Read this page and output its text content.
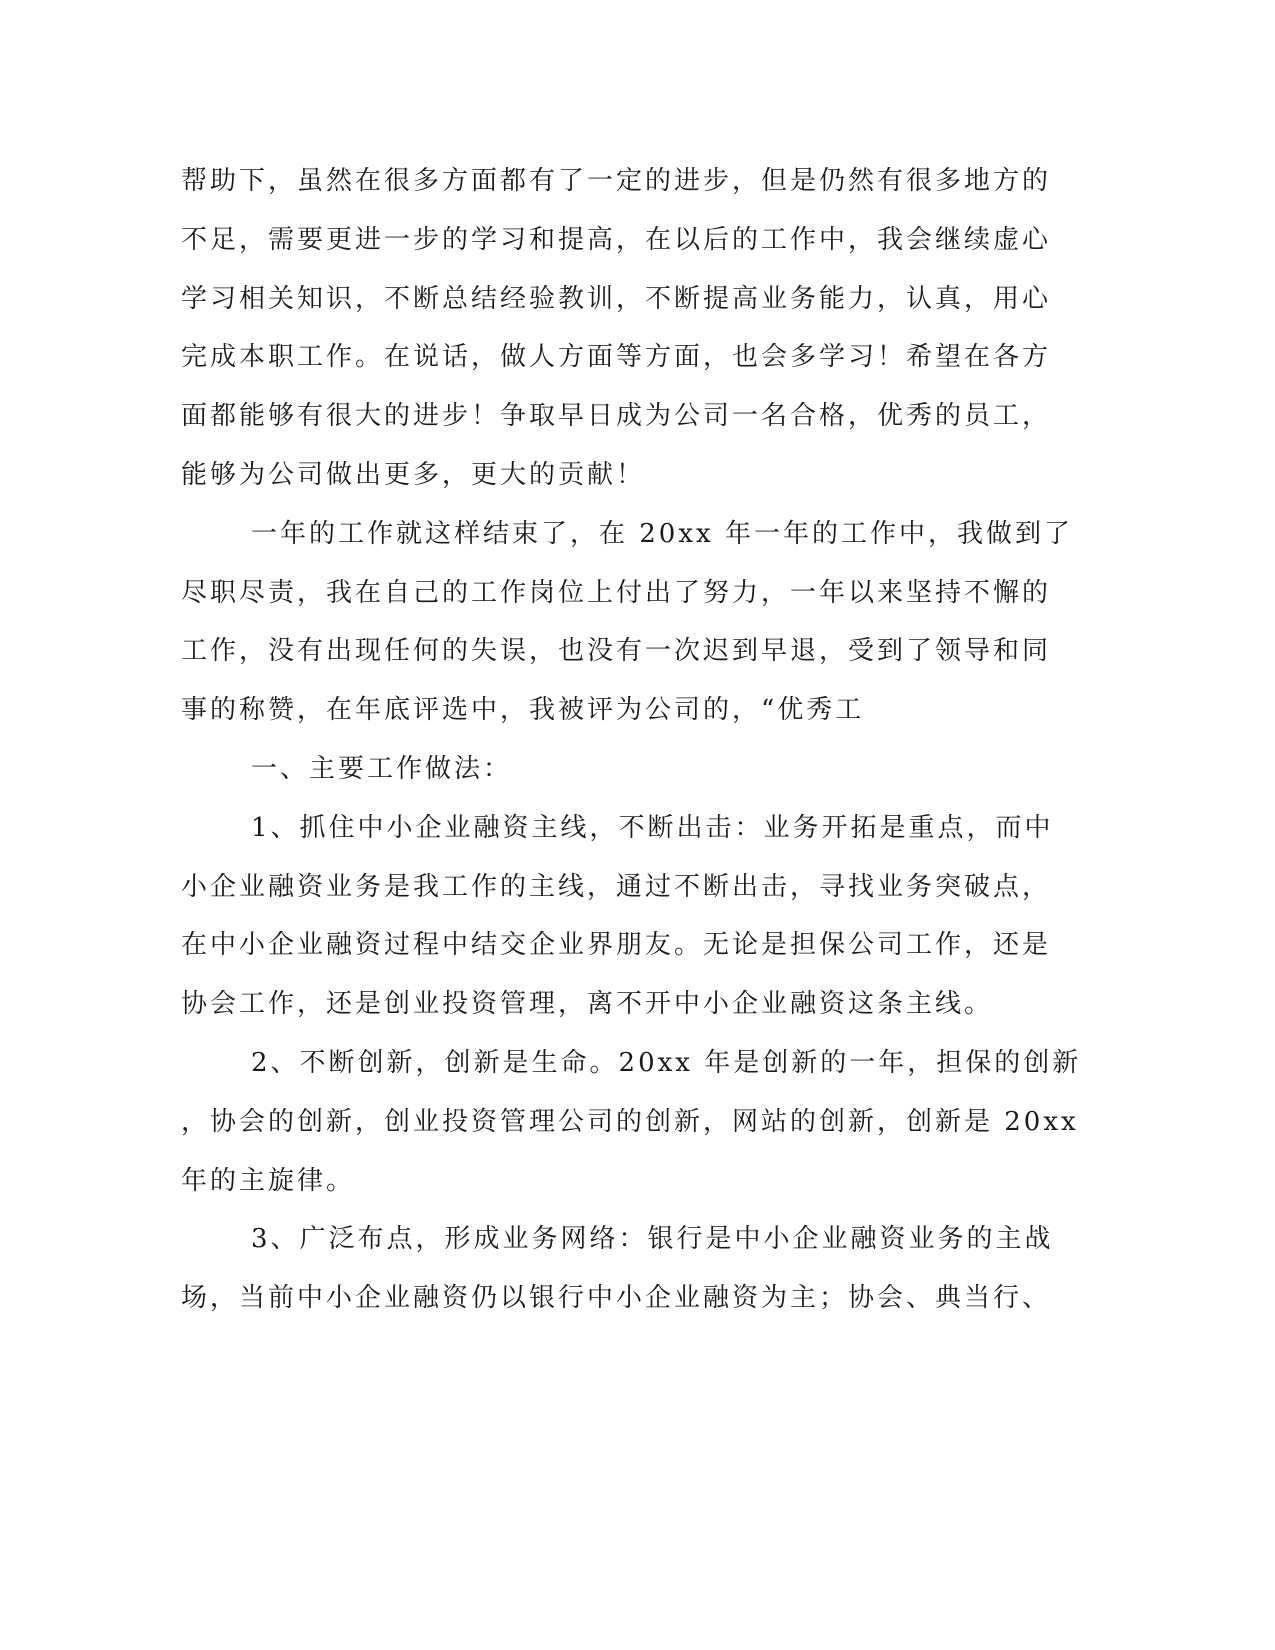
帮助下，虽然在很多方面都有了一定的进步，但是仍然有很多地方的
不足，需要更进一步的学习和提高，在以后的工作中，我会继续虚心
学习相关知识，不断总结经验教训，不断提高业务能力，认真，用心
完成本职工作。在说话，做人方面等方面，也会多学习！希望在各方
面都能够有很大的进步！争取早日成为公司一名合格，优秀的员工，
能够为公司做出更多，更大的贡献！
一年的工作就这样结束了，在 20xx 年一年的工作中，我做到了
尽职尽责，我在自己的工作岗位上付出了努力，一年以来坚持不懈的
工作，没有出现任何的失误，也没有一次迟到早退，受到了领导和同
事的称赞，在年底评选中，我被评为公司的，“优秀工
一、主要工作做法：
1、抓住中小企业融资主线，不断出击：业务开拓是重点，而中
小企业融资业务是我工作的主线，通过不断出击，寻找业务突破点，
在中小企业融资过程中结交企业界朋友。无论是担保公司工作，还是
协会工作，还是创业投资管理，离不开中小企业融资这条主线。
2、不断创新，创新是生命。20xx 年是创新的一年，担保的创新
，协会的创新，创业投资管理公司的创新，网站的创新，创新是 20xx
年的主旋律。
3、广泛布点，形成业务网络：银行是中小企业融资业务的主战
场，当前中小企业融资仍以银行中小企业融资为主；协会、典当行、
